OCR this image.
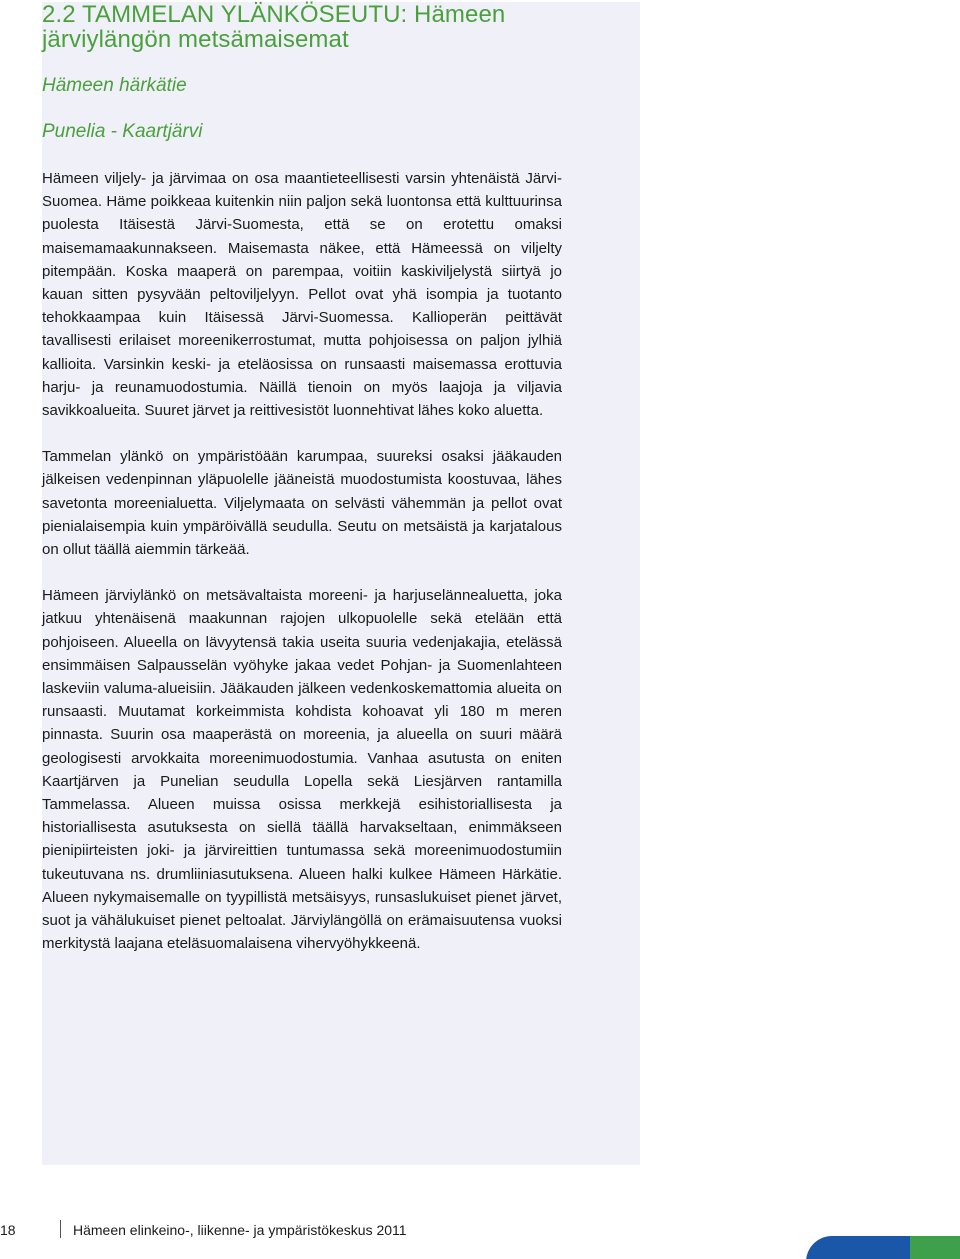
2.2 TAMMELAN YLÄNKÖSEUTU: Hämeen
järviylängön metsämaisemat

Hämeen härkätie

Punelia - Kaartjärvi

Hämeen viljely- ja järvimaa on osa maantieteellisesti varsin yhtenäistä Järvi-Suomea. Häme poikkeaa kuitenkin niin paljon sekä luontonsa että kulttuurinsa puolesta Itäisestä Järvi-Suomesta, että se on erotettu omaksi maisemamaakunnakseen. Maisemasta näkee, että Hämeessä on viljelty pitempään. Koska maaperä on parempaa, voitiin kaskiviljelystä siirtyä jo kauan sitten pysyvään peltoviljelyyn. Pellot ovat yhä isompia ja tuotanto tehokkaampaa kuin Itäisessä Järvi-Suomessa. Kallioperän peittävät tavallisesti erilaiset moreenikerrostumat, mutta pohjoisessa on paljon jylhiä kallioita. Varsinkin keski- ja eteläosissa on runsaasti maisemassa erottuvia harju- ja reunamuodostumia. Näillä tienoin on myös laajoja ja viljavia savikkoalueita. Suuret järvet ja reittivesistöt luonnehtivat lähes koko aluetta.

Tammelan ylänkö on ympäristöään karumpaa, suureksi osaksi jääkauden jälkeisen vedenpinnan yläpuolelle jääneistä muodostumista koostuvaa, lähes savetonta moreenialuetta. Viljelymaata on selvästi vähemmän ja pellot ovat pienialaisempia kuin ympäröivällä seudulla. Seutu on metsäistä ja karjatalous on ollut täällä aiemmin tärkeää.

Hämeen järviylänkö on metsävaltaista moreeni- ja harjuselännealuetta, joka jatkuu yhtenäisenä maakunnan rajojen ulkopuolelle sekä etelään että pohjoiseen. Alueella on lävyytensä takia useita suuria vedenjakajia, etelässä ensimmäisen Salpausselän vyöhyke jakaa vedet Pohjan- ja Suomenlahteen laskeviin valuma-alueisiin. Jääkauden jälkeen vedenkoskemattomia alueita on runsaasti. Muutamat korkeimmista kohdista kohoavat yli 180 m meren pinnasta. Suurin osa maaperästä on moreenia, ja alueella on suuri määrä geologisesti arvokkaita moreenimuodostumia. Vanhaa asutusta on eniten Kaartjärven ja Punelian seudulla Lopella sekä Liesjärven rantamilla Tammelassa. Alueen muissa osissa merkkejä esihistoriallisesta ja historiallisesta asutuksesta on siellä täällä harvakseltaan, enimmäkseen pienipiirteisten joki- ja järvireittien tuntumassa sekä moreenimuodostumiin tukeutuvana ns. drumliiniasutuksena. Alueen halki kulkee Hämeen Härkätie. Alueen nykymaisemalle on tyypillistä metsäisyys, runsaslukuiset pienet järvet, suot ja vähälukuiset pienet peltoalat. Järviylängöllä on erämaisuutensa vuoksi merkitystä laajana eteläsuomalaisena vihervyöhykkeenä.

18	Hämeen elinkeino-, liikenne- ja ympäristökeskus 2011
